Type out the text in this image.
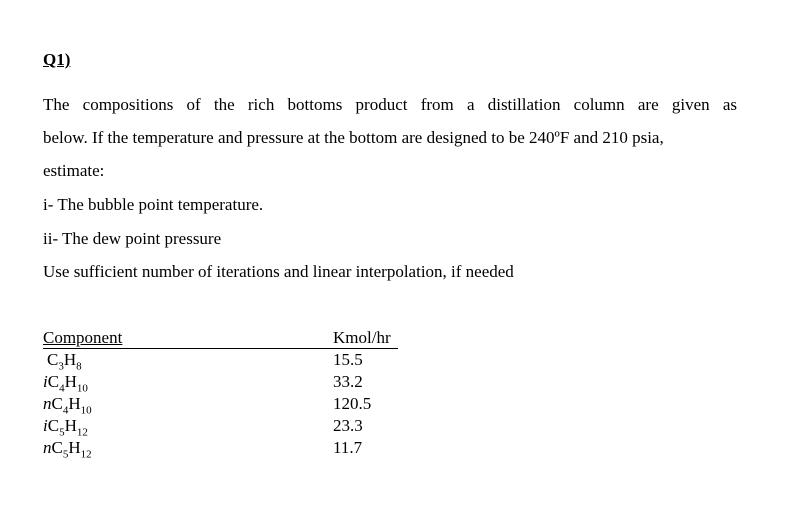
Q1)
The compositions of the rich bottoms product from a distillation column are given as
below. If the temperature and pressure at the bottom are designed to be 240ºF and 210 psia,
estimate:
i- The bubble point temperature.
ii- The dew point pressure
Use sufficient number of iterations and linear interpolation, if needed
Component	Kmol/hr
$C_3H_8$	15.5
$iC_4H_{10}$	33.2
$nC_4H_{10}$	120.5
$iC_5H_{12}$	23.3
$nC_5H_{12}$	11.7
